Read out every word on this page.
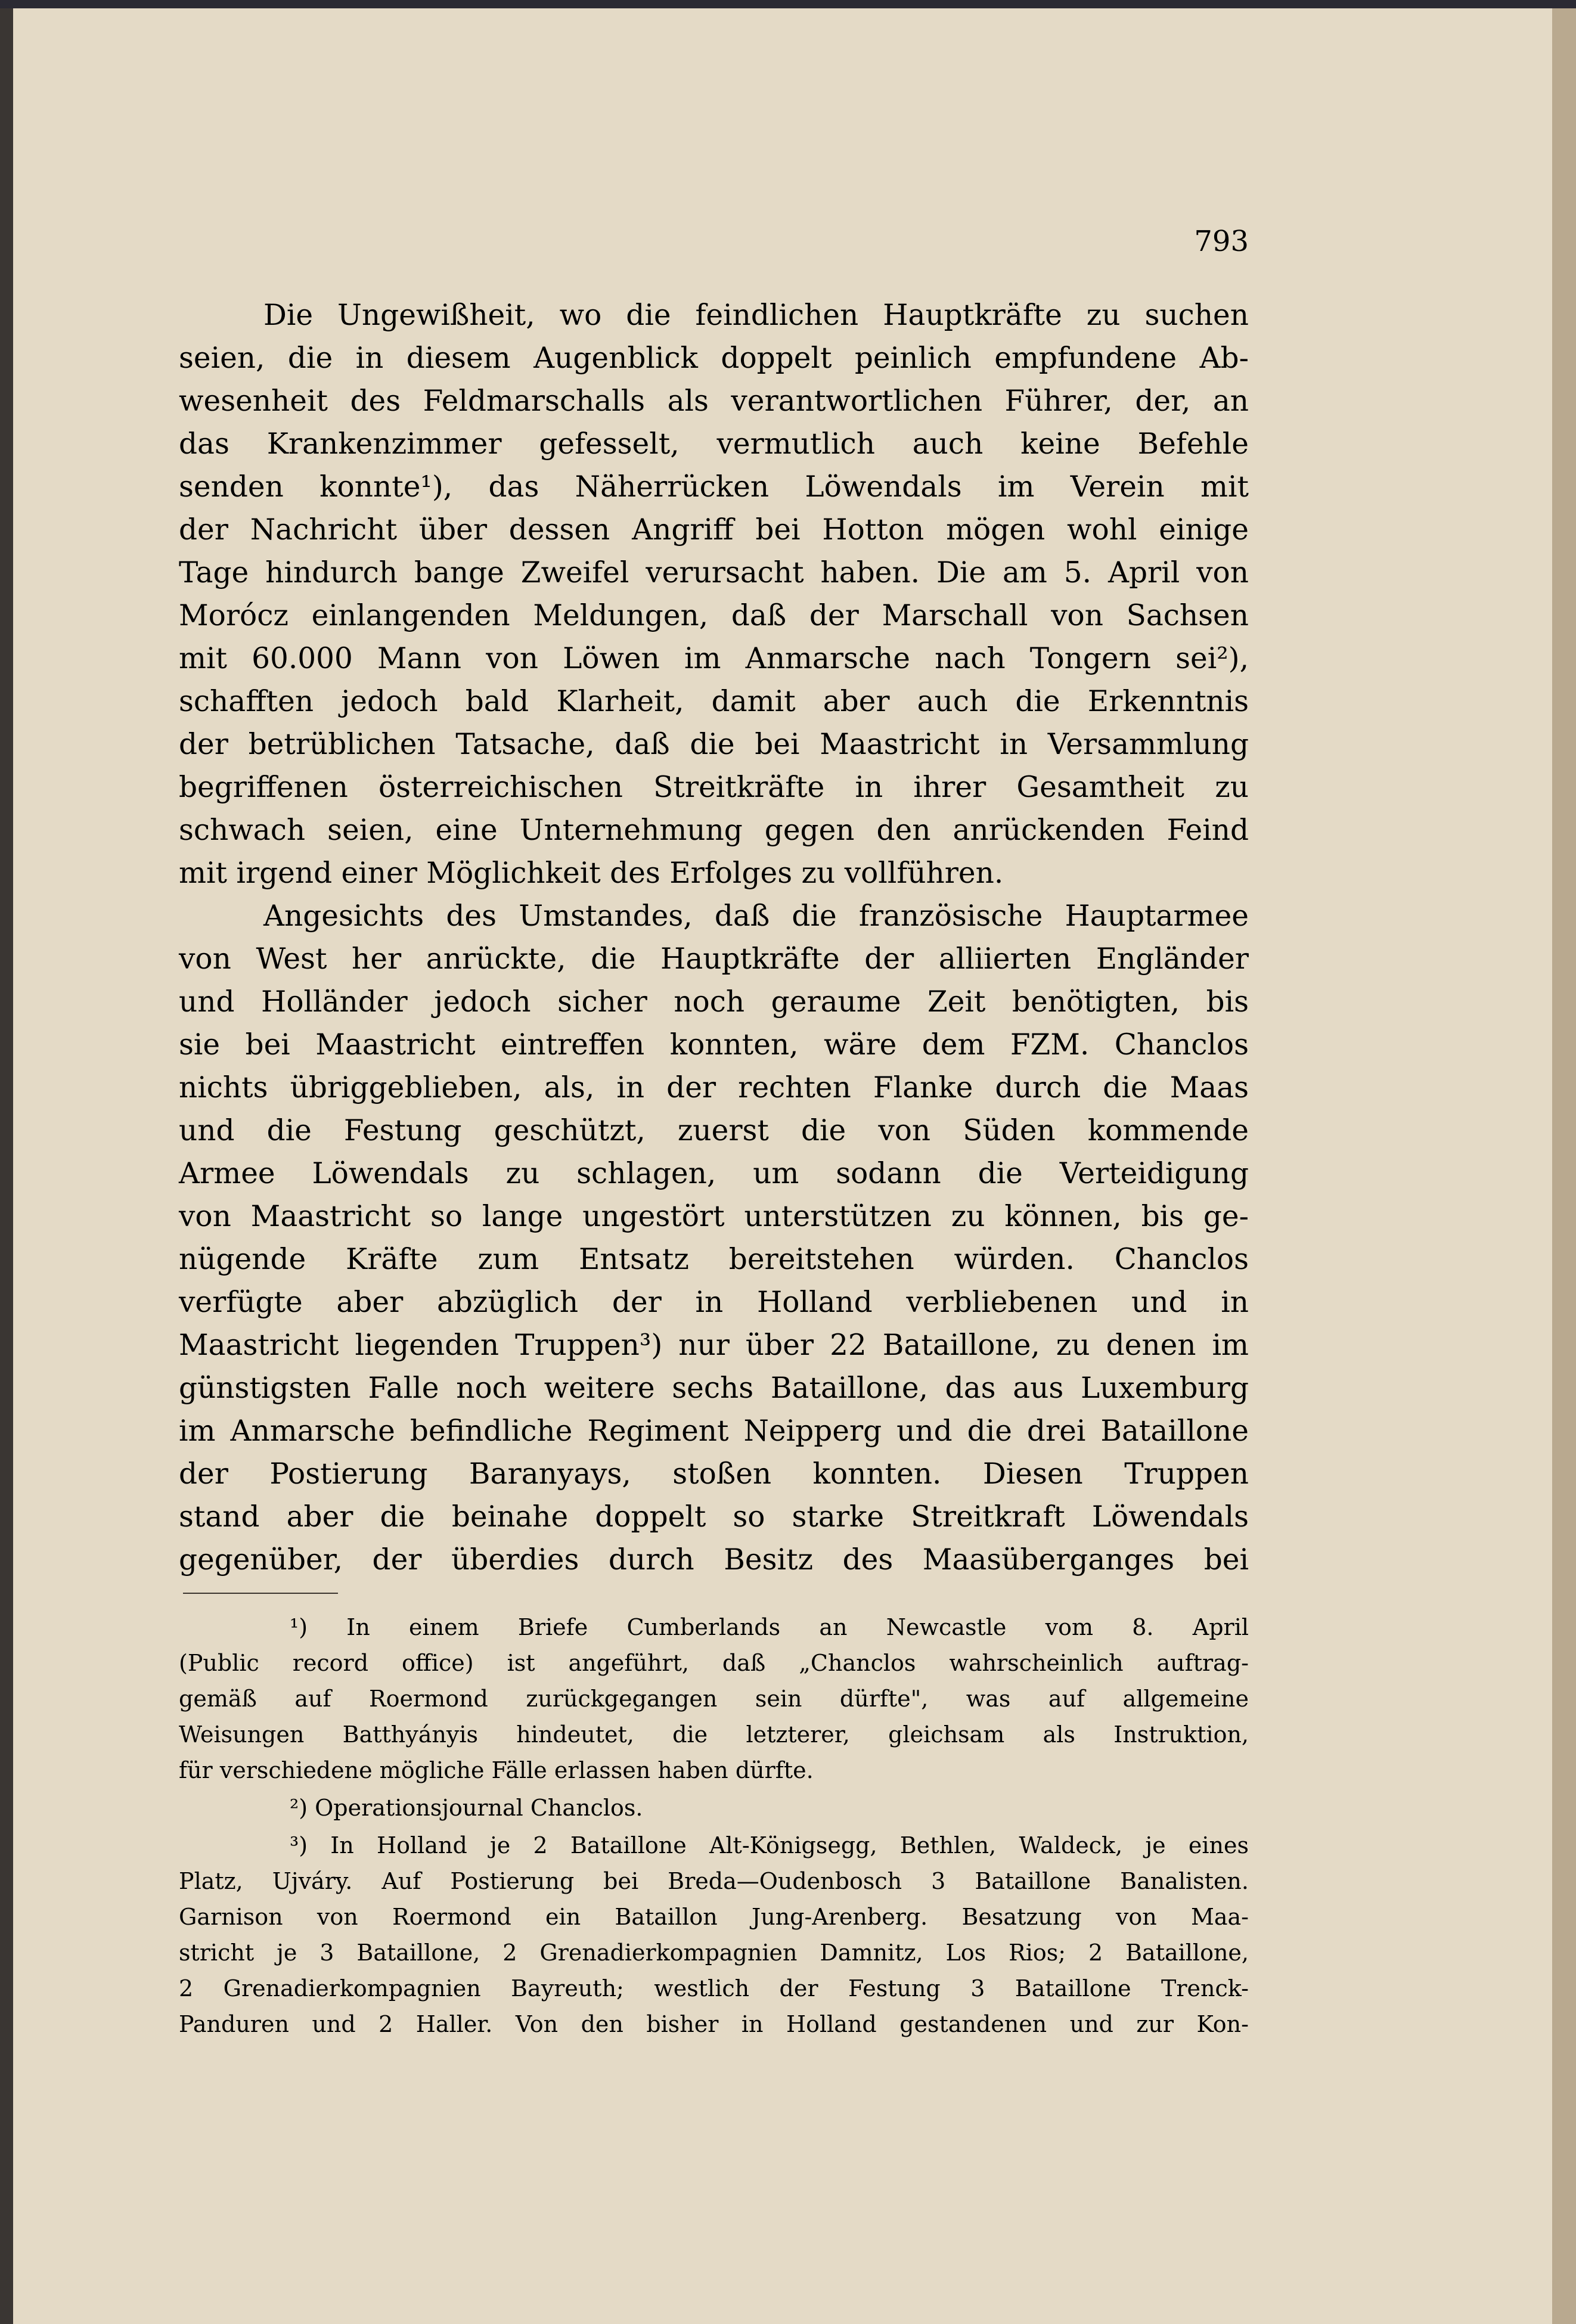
793
Die Ungewißheit, wo die feindlichen Hauptkräfte zu suchen
seien, die in diesem Augenblick doppelt peinlich empfundene Ab-
wesenheit des Feldmarschalls als verantwortlichen Führer, der, an
das Krankenzimmer gefesselt, vermutlich auch keine Befehle
senden konnte¹), das Näherrücken Löwendals im Verein mit
der Nachricht über dessen Angriff bei Hotton mögen wohl einige
Tage hindurch bange Zweifel verursacht haben. Die am 5. April von
Morócz einlangenden Meldungen, daß der Marschall von Sachsen
mit 60.000 Mann von Löwen im Anmarsche nach Tongern sei²),
schafften jedoch bald Klarheit, damit aber auch die Erkenntnis
der betrüblichen Tatsache, daß die bei Maastricht in Versammlung
begriffenen österreichischen Streitkräfte in ihrer Gesamtheit zu
schwach seien, eine Unternehmung gegen den anrückenden Feind
mit irgend einer Möglichkeit des Erfolges zu vollführen.
Angesichts des Umstandes, daß die französische Hauptarmee
von West her anrückte, die Hauptkräfte der alliierten Engländer
und Holländer jedoch sicher noch geraume Zeit benötigten, bis
sie bei Maastricht eintreffen konnten, wäre dem FZM. Chanclos
nichts übriggeblieben, als, in der rechten Flanke durch die Maas
und die Festung geschützt, zuerst die von Süden kommende
Armee Löwendals zu schlagen, um sodann die Verteidigung
von Maastricht so lange ungestört unterstützen zu können, bis ge-
nügende Kräfte zum Entsatz bereitstehen würden. Chanclos
verfügte aber abzüglich der in Holland verbliebenen und in
Maastricht liegenden Truppen³) nur über 22 Bataillone, zu denen im
günstigsten Falle noch weitere sechs Bataillone, das aus Luxemburg
im Anmarsche befindliche Regiment Neipperg und die drei Bataillone
der Postierung Baranyays, stoßen konnten. Diesen Truppen
stand aber die beinahe doppelt so starke Streitkraft Löwendals
gegenüber, der überdies durch Besitz des Maasüberganges bei
¹) In einem Briefe Cumberlands an Newcastle vom 8. April
(Public record office) ist angeführt, daß „Chanclos wahrscheinlich auftrag-
gemäß auf Roermond zurückgegangen sein dürfte", was auf allgemeine
Weisungen Batthyányis hindeutet, die letzterer, gleichsam als Instruktion,
für verschiedene mögliche Fälle erlassen haben dürfte.
²) Operationsjournal Chanclos.
³) In Holland je 2 Bataillone Alt-Königsegg, Bethlen, Waldeck, je eines
Platz, Ujváry. Auf Postierung bei Breda—Oudenbosch 3 Bataillone Banalisten.
Garnison von Roermond ein Bataillon Jung-Arenberg. Besatzung von Maa-
stricht je 3 Bataillone, 2 Grenadierkompagnien Damnitz, Los Rios; 2 Bataillone,
2 Grenadierkompagnien Bayreuth; westlich der Festung 3 Bataillone Trenck-
Panduren und 2 Haller. Von den bisher in Holland gestandenen und zur Kon-
